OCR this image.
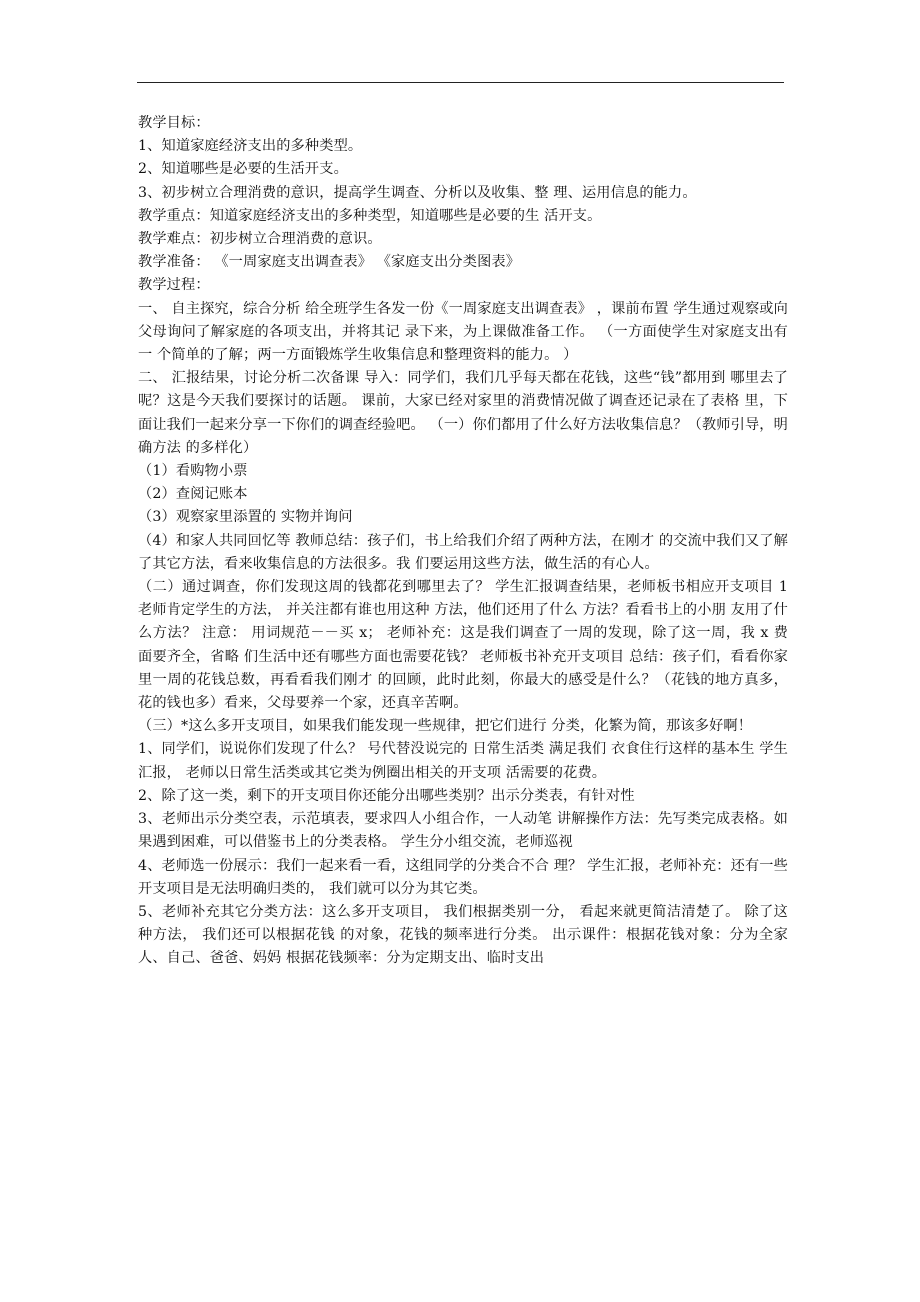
教学目标：

1、知道家庭经济支出的多种类型。

2、知道哪些是必要的生活开支。

3、初步树立合理消费的意识，提高学生调查、分析以及收集、整 理、运用信息的能力。

教学重点：知道家庭经济支出的多种类型，知道哪些是必要的生 活开支。

教学难点：初步树立合理消费的意识。

教学准备： 《一周家庭支出调查表》 《家庭支出分类图表》

教学过程：

一、 自主探究，综合分析 给全班学生各发一份《一周家庭支出调查表》 ，课前布置 学生通过观察或向父母询问了解家庭的各项支出，并将其记 录下来，为上课做准备工作。 （一方面使学生对家庭支出有一 个简单的了解；两一方面锻炼学生收集信息和整理资料的能力。 ）

二、 汇报结果，讨论分析二次备课 导入：同学们，我们几乎每天都在花钱，这些“钱”都用到 哪里去了呢？这是今天我们要探讨的话题。 课前，大家已经对家里的消费情况做了调查还记录在了表格 里，下面让我们一起来分享一下你们的调查经验吧。 （一）你们都用了什么好方法收集信息？（教师引导，明确方法 的多样化）

（1）看购物小票

（2）查阅记账本

（3）观察家里添置的 实物并询问

（4）和家人共同回忆等 教师总结：孩子们，书上给我们介绍了两种方法，在刚才 的交流中我们又了解了其它方法，看来收集信息的方法很多。我 们要运用这些方法，做生活的有心人。

（二）通过调查，你们发现这周的钱都花到哪里去了？ 学生汇报调查结果，老师板书相应开支项目 1 老师肯定学生的方法， 并关注都有谁也用这种 方法，他们还用了什么 方法？看看书上的小朋 友用了什么方法？ 注意： 用词规范－－买 x； 老师补充：这是我们调查了一周的发现，除了这一周，我 x 费 面要齐全，省略 们生活中还有哪些方面也需要花钱？ 老师板书补充开支项目 总结：孩子们，看看你家里一周的花钱总数，再看看我们刚才 的回顾，此时此刻，你最大的感受是什么？（花钱的地方真多， 花的钱也多）看来，父母要养一个家，还真辛苦啊。

（三）*这么多开支项目，如果我们能发现一些规律，把它们进行 分类，化繁为简，那该多好啊！

1、同学们，说说你们发现了什么？ 号代替没说完的 日常生活类 满足我们 衣食住行这样的基本生 学生汇报， 老师以日常生活类或其它类为例圈出相关的开支项 活需要的花费。

2、除了这一类，剩下的开支项目你还能分出哪些类别？出示分类表，有针对性

3、老师出示分类空表，示范填表，要求四人小组合作，一人动笔 讲解操作方法：先写类完成表格。如果遇到困难，可以借鉴书上的分类表格。 学生分小组交流，老师巡视

4、老师选一份展示：我们一起来看一看，这组同学的分类合不合 理？ 学生汇报，老师补充：还有一些开支项目是无法明确归类的， 我们就可以分为其它类。

5、老师补充其它分类方法：这么多开支项目， 我们根据类别一分， 看起来就更简洁清楚了。 除了这种方法， 我们还可以根据花钱 的对象，花钱的频率进行分类。 出示课件：根据花钱对象：分为全家人、自己、爸爸、妈妈 根据花钱频率：分为定期支出、临时支出
